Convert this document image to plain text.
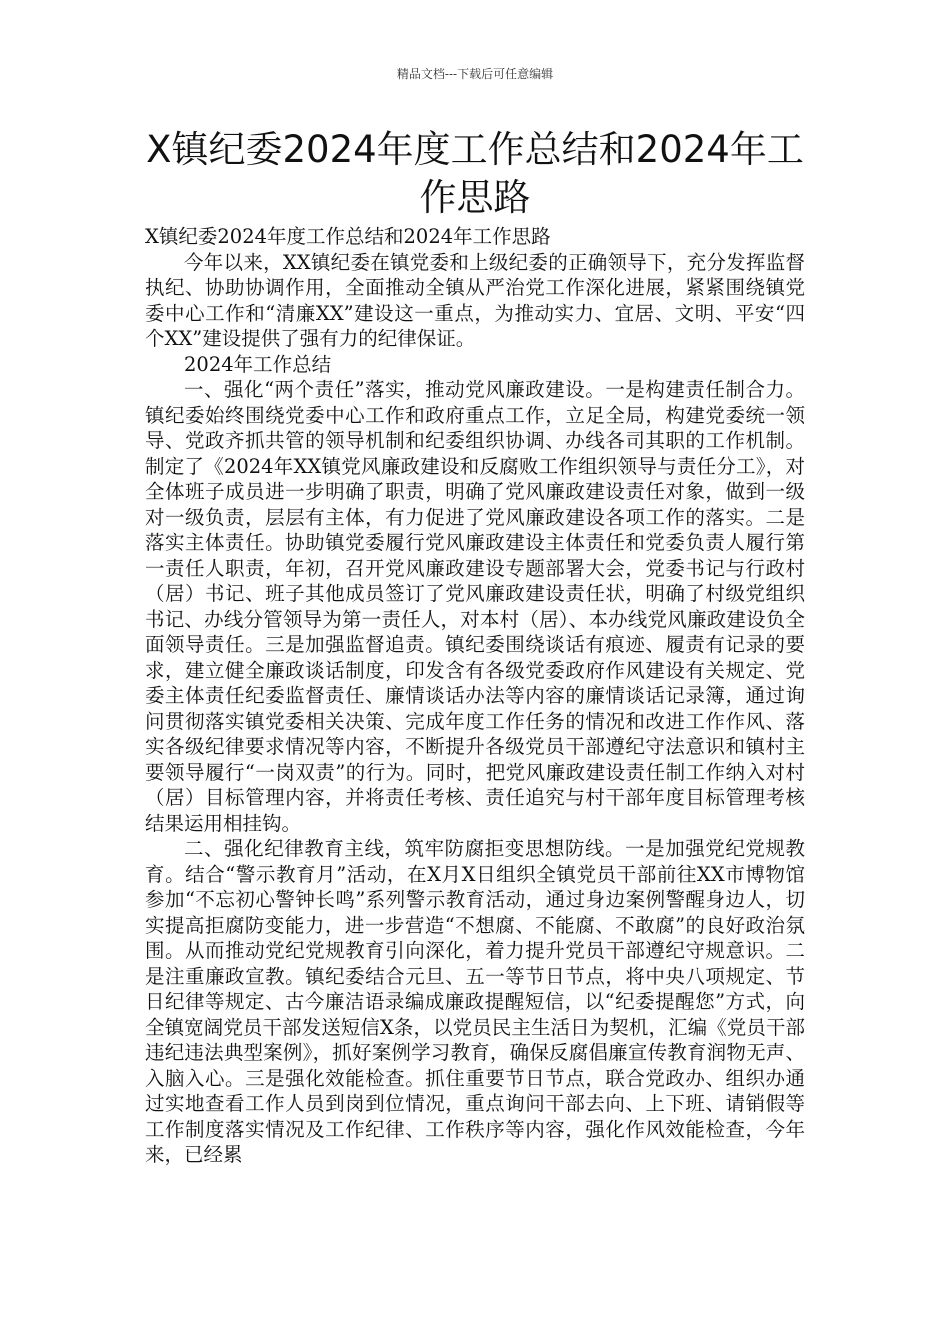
精品文档---下载后可任意编辑
X镇纪委2024年度工作总结和2024年工作思路

X镇纪委2024年度工作总结和2024年工作思路

今年以来，XX镇纪委在镇党委和上级纪委的正确领导下，充分发挥监督执纪、协助协调作用，全面推动全镇从严治党工作深化进展，紧紧围绕镇党委中心工作和“清廉XX”建设这一重点，为推动实力、宜居、文明、平安“四个XX”建设提供了强有力的纪律保证。

2024年工作总结

一、强化“两个责任”落实，推动党风廉政建设。一是构建责任制合力。镇纪委始终围绕党委中心工作和政府重点工作，立足全局，构建党委统一领导、党政齐抓共管的领导机制和纪委组织协调、办线各司其职的工作机制。制定了《2024年XX镇党风廉政建设和反腐败工作组织领导与责任分工》，对全体班子成员进一步明确了职责，明确了党风廉政建设责任对象，做到一级对一级负责，层层有主体，有力促进了党风廉政建设各项工作的落实。二是落实主体责任。协助镇党委履行党风廉政建设主体责任和党委负责人履行第一责任人职责，年初，召开党风廉政建设专题部署大会，党委书记与行政村（居）书记、班子其他成员签订了党风廉政建设责任状，明确了村级党组织书记、办线分管领导为第一责任人，对本村（居）、本办线党风廉政建设负全面领导责任。三是加强监督追责。镇纪委围绕谈话有痕迹、履责有记录的要求，建立健全廉政谈话制度，印发含有各级党委政府作风建设有关规定、党委主体责任纪委监督责任、廉情谈话办法等内容的廉情谈话记录簿，通过询问贯彻落实镇党委相关决策、完成年度工作任务的情况和改进工作作风、落实各级纪律要求情况等内容，不断提升各级党员干部遵纪守法意识和镇村主要领导履行“一岗双责”的行为。同时，把党风廉政建设责任制工作纳入对村（居）目标管理内容，并将责任考核、责任追究与村干部年度目标管理考核结果运用相挂钩。

二、强化纪律教育主线，筑牢防腐拒变思想防线。一是加强党纪党规教育。结合“警示教育月”活动，在X月X日组织全镇党员干部前往XX市博物馆参加“不忘初心警钟长鸣”系列警示教育活动，通过身边案例警醒身边人，切实提高拒腐防变能力，进一步营造“不想腐、不能腐、不敢腐”的良好政治氛围。从而推动党纪党规教育引向深化，着力提升党员干部遵纪守规意识。二是注重廉政宣教。镇纪委结合元旦、五一等节日节点，将中央八项规定、节日纪律等规定、古今廉洁语录编成廉政提醒短信，以“纪委提醒您”方式，向全镇宽阔党员干部发送短信X条，以党员民主生活日为契机，汇编《党员干部违纪违法典型案例》，抓好案例学习教育，确保反腐倡廉宣传教育润物无声、入脑入心。三是强化效能检查。抓住重要节日节点，联合党政办、组织办通过实地查看工作人员到岗到位情况，重点询问干部去向、上下班、请销假等工作制度落实情况及工作纪律、工作秩序等内容，强化作风效能检查，今年来，已经累
